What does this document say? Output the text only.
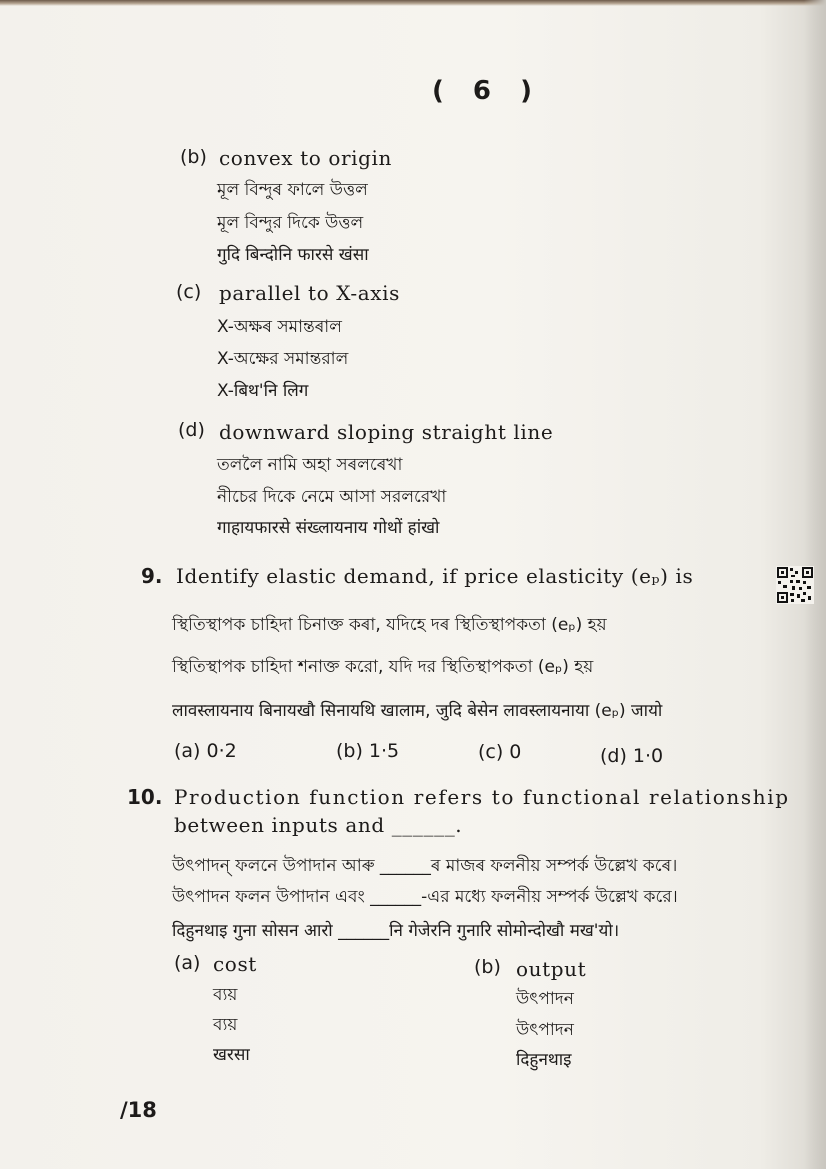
( 6 )
(b) convex to origin
মূল বিন্দুৰ ফালে উত্তল
মূল বিন্দুর দিকে উত্তল
गुदि बिन्दोनि फारसे खंसा
(c) parallel to X-axis
X-অক্ষৰ সমান্তৰাল
X-অক্ষের সমান্তরাল
X-बिथ'नि लिग
(d) downward sloping straight line
তললৈ নামি অহা সৰলৰেখা
নীচের দিকে নেমে আসা সরলরেখা
गाहायफारसे संख्लायनाय गोथों हांखो
9. Identify elastic demand, if price elasticity (eₚ) is
স্থিতিস্থাপক চাহিদা চিনাক্ত কৰা, যদিহে দৰ স্থিতিস্থাপকতা (eₚ) হয়
স্থিতিস্থাপক চাহিদা শনাক্ত করো, যদি দর স্থিতিস্থাপকতা (eₚ) হয়
लावस्लायनाय बिनायखौ सिनायथि खालाम, जुदि बेसेन लावस्लायनाया (eₚ) जायो
(a) 0·2	(b) 1·5	(c) 0	(d) 1·0
10. Production function refers to functional relationship
between inputs and ______.
উৎপাদন্ ফলনে উপাদান আৰু ______ৰ মাজৰ ফলনীয় সম্পৰ্ক উল্লেখ কৰে।
উৎপাদন ফলন উপাদান এবং ______-এর মধ্যে ফলনীয় সম্পর্ক উল্লেখ করে।
दिहुनथाइ गुना सोसन आरो ______नि गेजेरनि गुनारि सोमोन्दोखौ मख'यो।
(a) cost
ব্যয়
ব্যয়
खरसा
(b) output
উৎপাদন
উৎপাদন
दिहुनथाइ
/18
